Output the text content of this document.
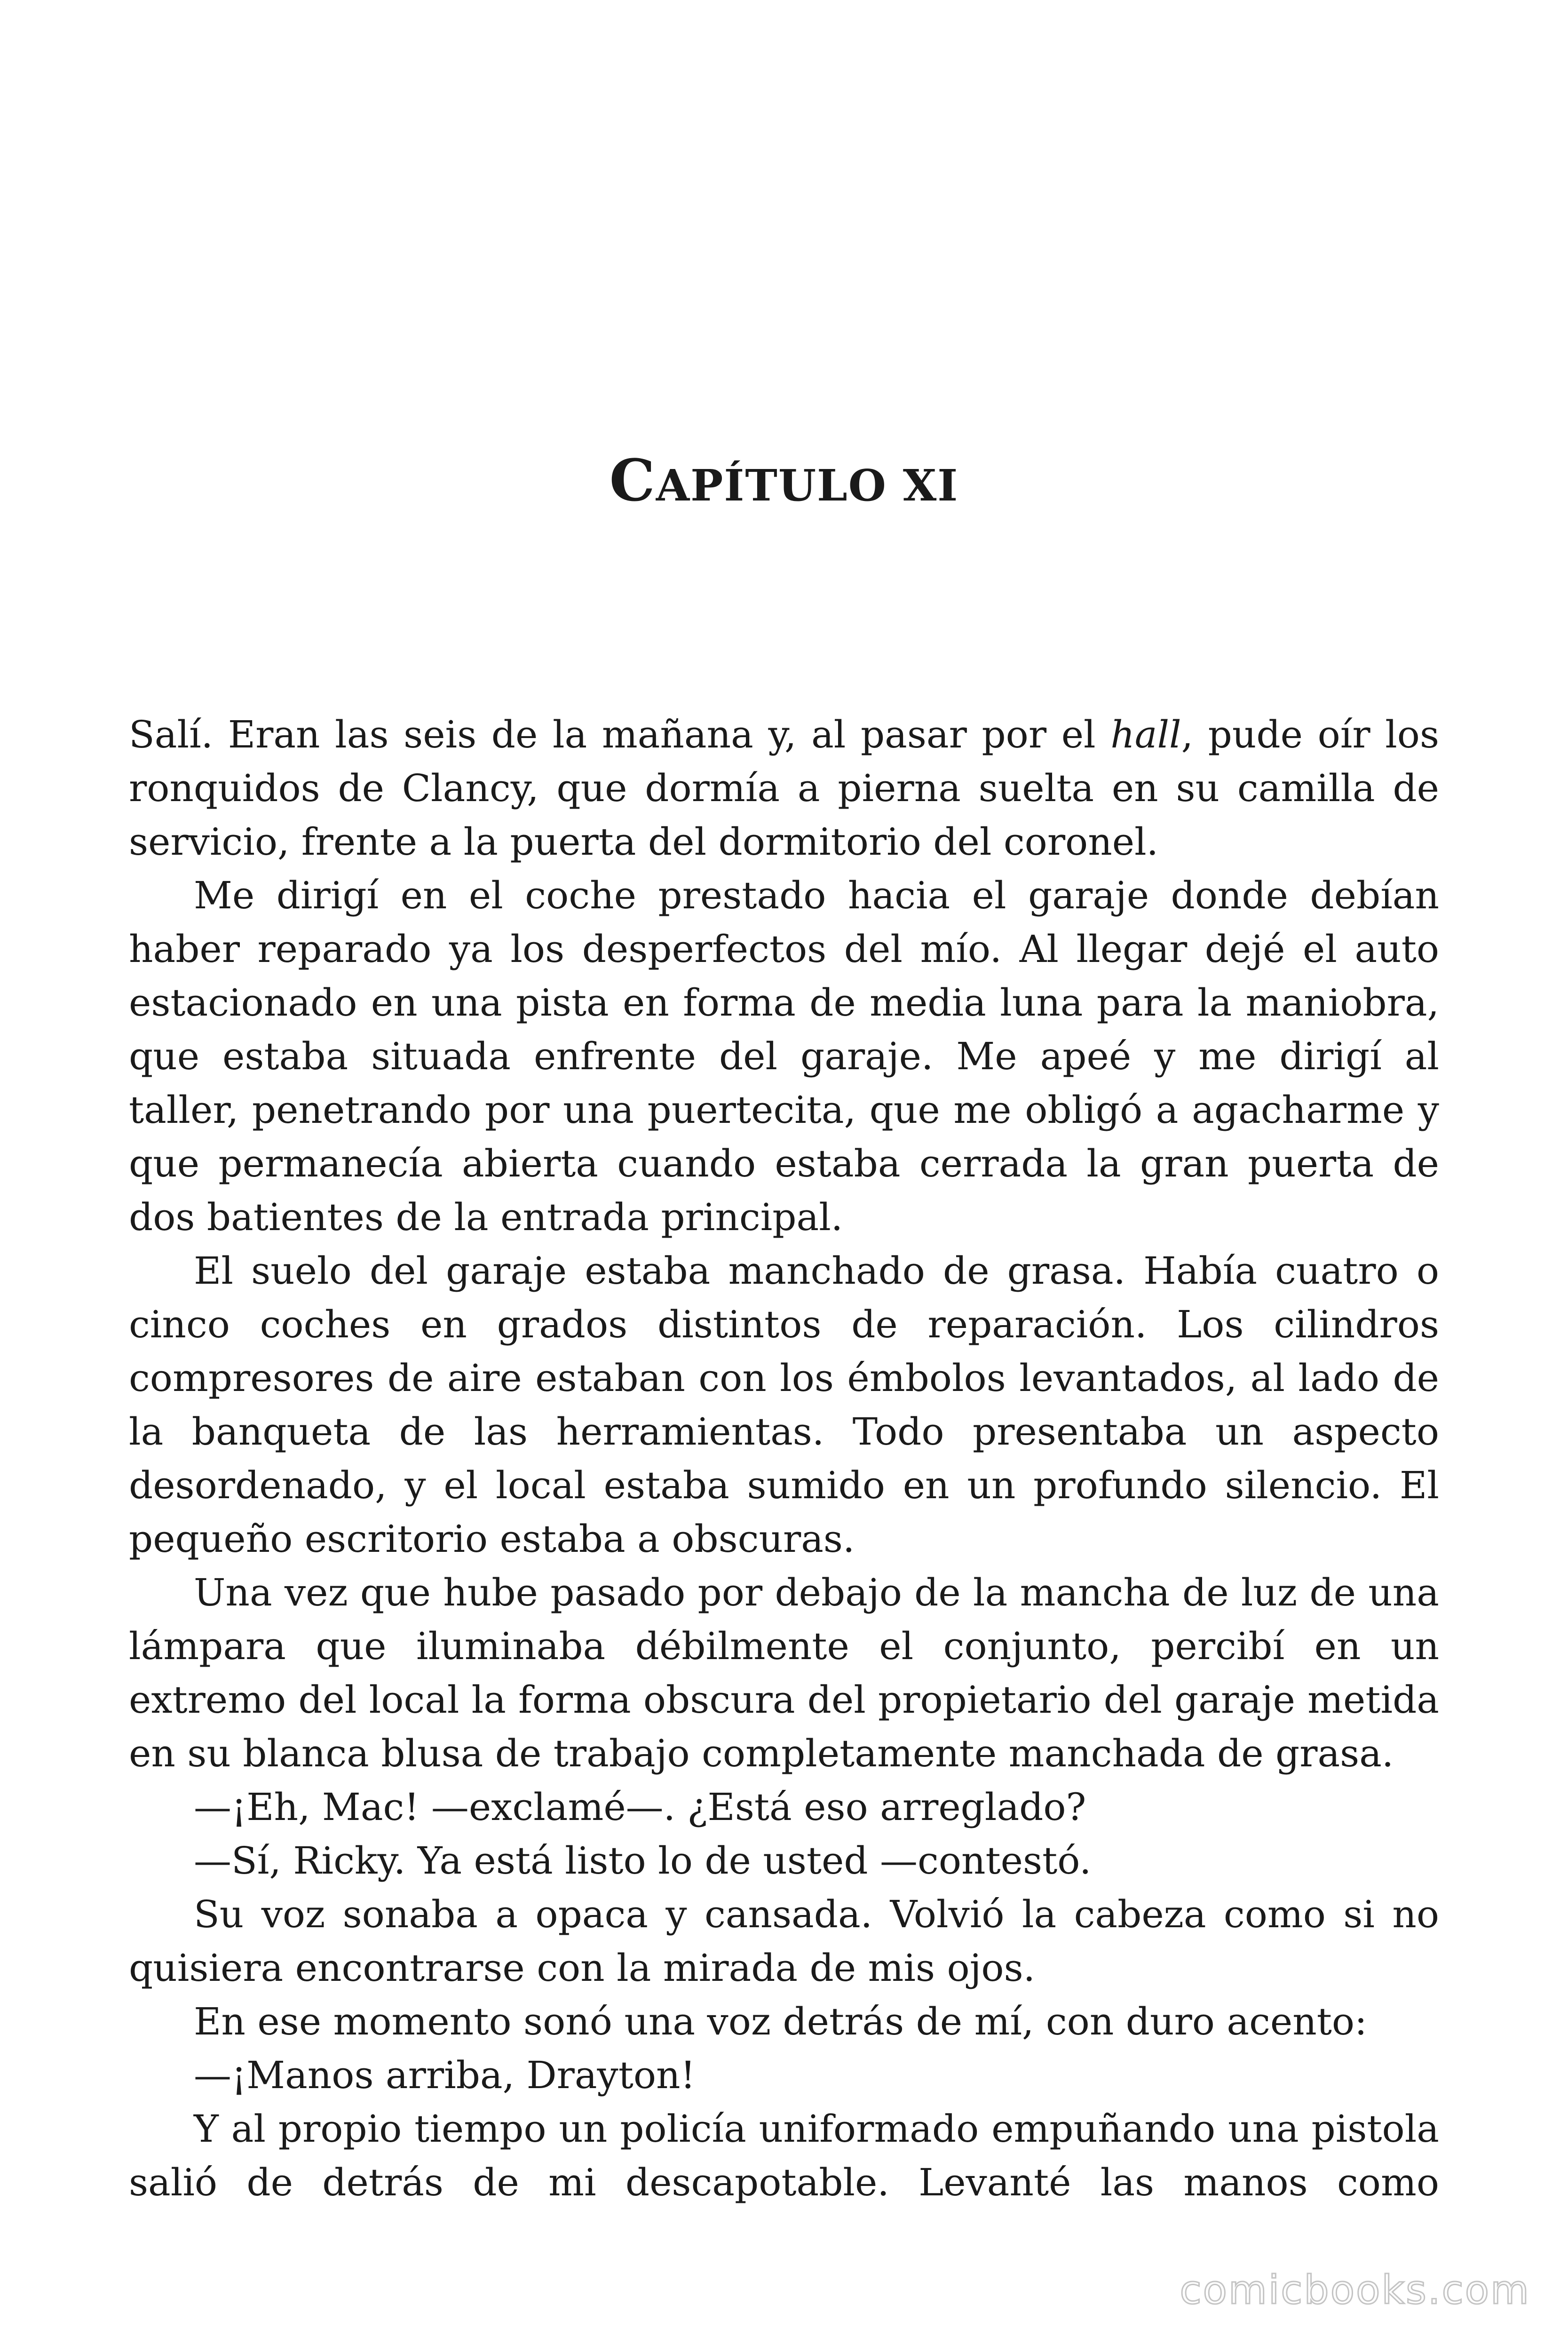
CAPÍTULO XI

Salí. Eran las seis de la mañana y, al pasar por el hall, pude oír los ronquidos de Clancy, que dormía a pierna suelta en su camilla de servicio, frente a la puerta del dormitorio del coronel.

Me dirigí en el coche prestado hacia el garaje donde debían haber reparado ya los desperfectos del mío. Al llegar dejé el auto estacionado en una pista en forma de media luna para la maniobra, que estaba situada enfrente del garaje. Me apeé y me dirigí al taller, penetrando por una puertecita, que me obligó a agacharme y que permanecía abierta cuando estaba cerrada la gran puerta de dos batientes de la entrada principal.

El suelo del garaje estaba manchado de grasa. Había cuatro o cinco coches en grados distintos de reparación. Los cilindros compresores de aire estaban con los émbolos levantados, al lado de la banqueta de las herramientas. Todo presentaba un aspecto desordenado, y el local estaba sumido en un profundo silencio. El pequeño escritorio estaba a obscuras.

Una vez que hube pasado por debajo de la mancha de luz de una lámpara que iluminaba débilmente el conjunto, percibí en un extremo del local la forma obscura del propietario del garaje metida en su blanca blusa de trabajo completamente manchada de grasa.

—¡Eh, Mac! —exclamé—. ¿Está eso arreglado?

—Sí, Ricky. Ya está listo lo de usted —contestó.

Su voz sonaba a opaca y cansada. Volvió la cabeza como si no quisiera encontrarse con la mirada de mis ojos.

En ese momento sonó una voz detrás de mí, con duro acento:

—¡Manos arriba, Drayton!

Y al propio tiempo un policía uniformado empuñando una pistola salió de detrás de mi descapotable. Levanté las manos como

comicbooks.com
